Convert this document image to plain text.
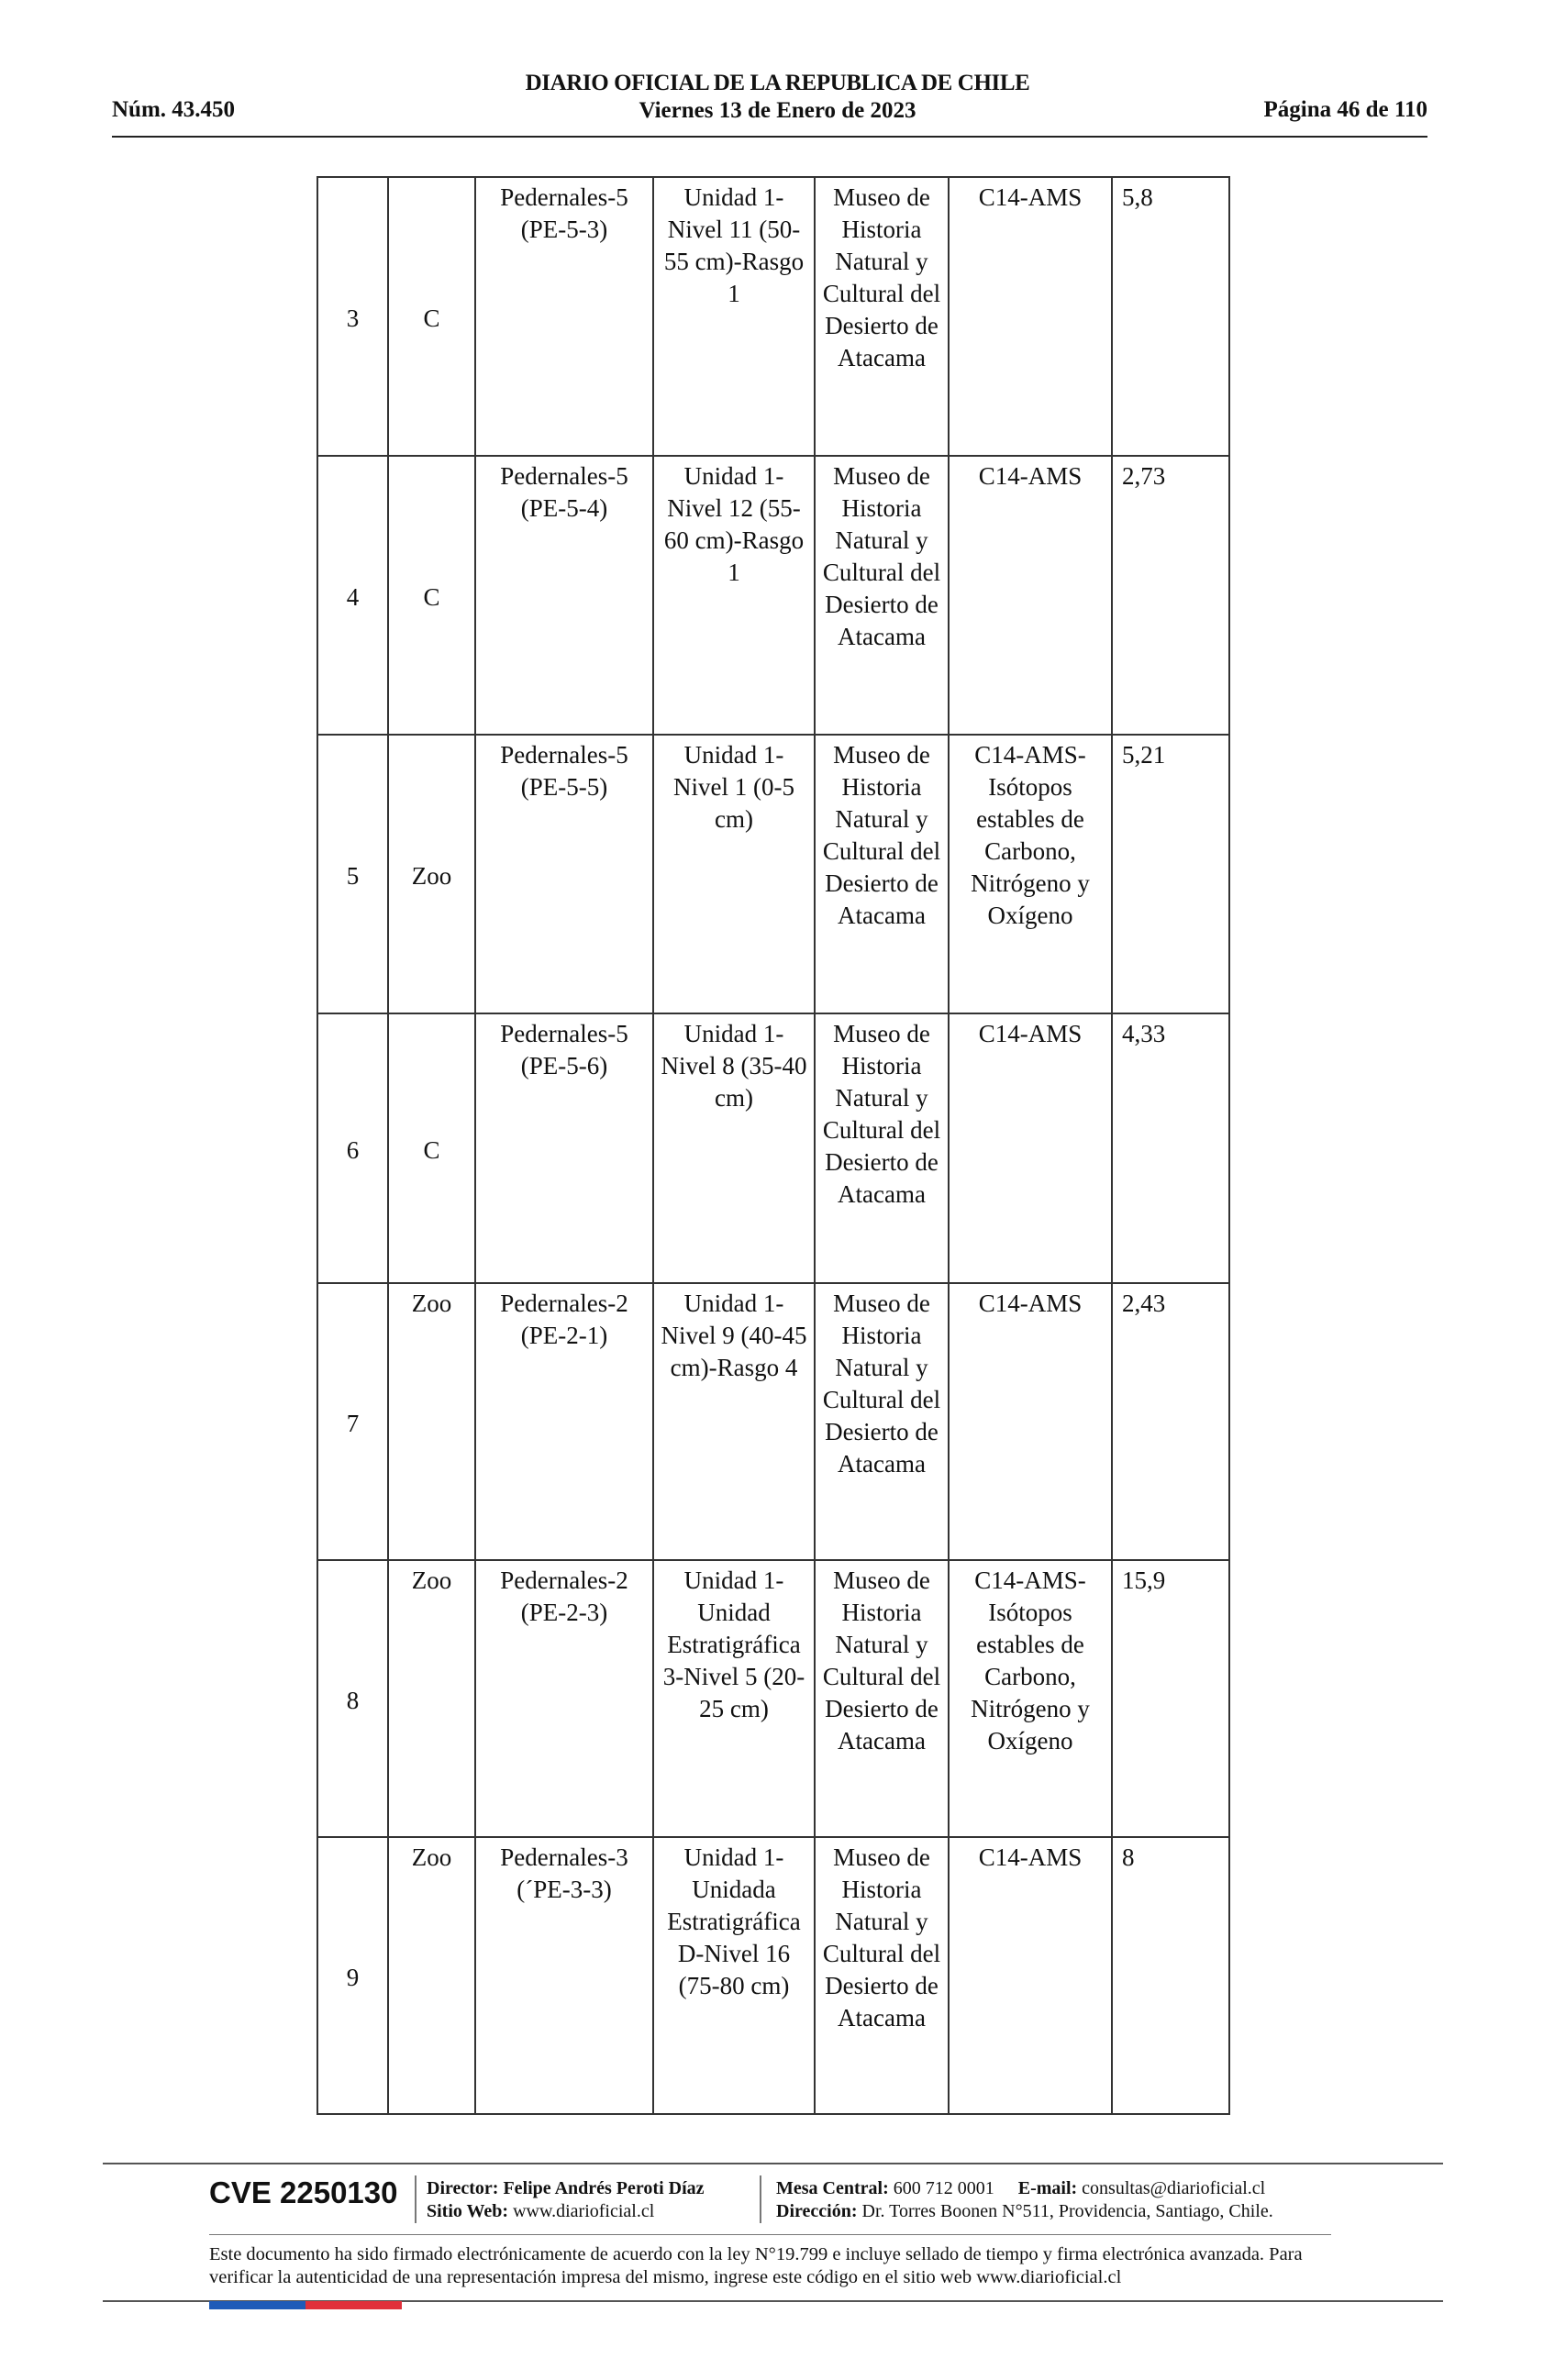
DIARIO OFICIAL DE LA REPUBLICA DE CHILE
Viernes 13 de Enero de 2023
Núm. 43.450	Página 46 de 110
3	C	Pedernales-5 (PE-5-3)	Unidad 1-Nivel 11 (50-55 cm)-Rasgo 1	Museo de Historia Natural y Cultural del Desierto de Atacama	C14-AMS	5,8
4	C	Pedernales-5 (PE-5-4)	Unidad 1-Nivel 12 (55-60 cm)-Rasgo 1	Museo de Historia Natural y Cultural del Desierto de Atacama	C14-AMS	2,73
5	Zoo	Pedernales-5 (PE-5-5)	Unidad 1-Nivel 1 (0-5 cm)	Museo de Historia Natural y Cultural del Desierto de Atacama	C14-AMS-Isótopos estables de Carbono, Nitrógeno y Oxígeno	5,21
6	C	Pedernales-5 (PE-5-6)	Unidad 1-Nivel 8 (35-40 cm)	Museo de Historia Natural y Cultural del Desierto de Atacama	C14-AMS	4,33
7	Zoo	Pedernales-2 (PE-2-1)	Unidad 1-Nivel 9 (40-45 cm)-Rasgo 4	Museo de Historia Natural y Cultural del Desierto de Atacama	C14-AMS	2,43
8	Zoo	Pedernales-2 (PE-2-3)	Unidad 1-Unidad Estratigráfica 3-Nivel 5 (20-25 cm)	Museo de Historia Natural y Cultural del Desierto de Atacama	C14-AMS-Isótopos estables de Carbono, Nitrógeno y Oxígeno	15,9
9	Zoo	Pedernales-3 (´PE-3-3)	Unidad 1-Unidada Estratigráfica D-Nivel 16 (75-80 cm)	Museo de Historia Natural y Cultural del Desierto de Atacama	C14-AMS	8
CVE 2250130 Director: Felipe Andrés Peroti Díaz
Sitio Web: www.diarioficial.cl
Mesa Central: 600 712 0001 E-mail: consultas@diarioficial.cl
Dirección: Dr. Torres Boonen N°511, Providencia, Santiago, Chile.
Este documento ha sido firmado electrónicamente de acuerdo con la ley N°19.799 e incluye sellado de tiempo y firma electrónica avanzada. Para verificar la autenticidad de una representación impresa del mismo, ingrese este código en el sitio web www.diarioficial.cl
